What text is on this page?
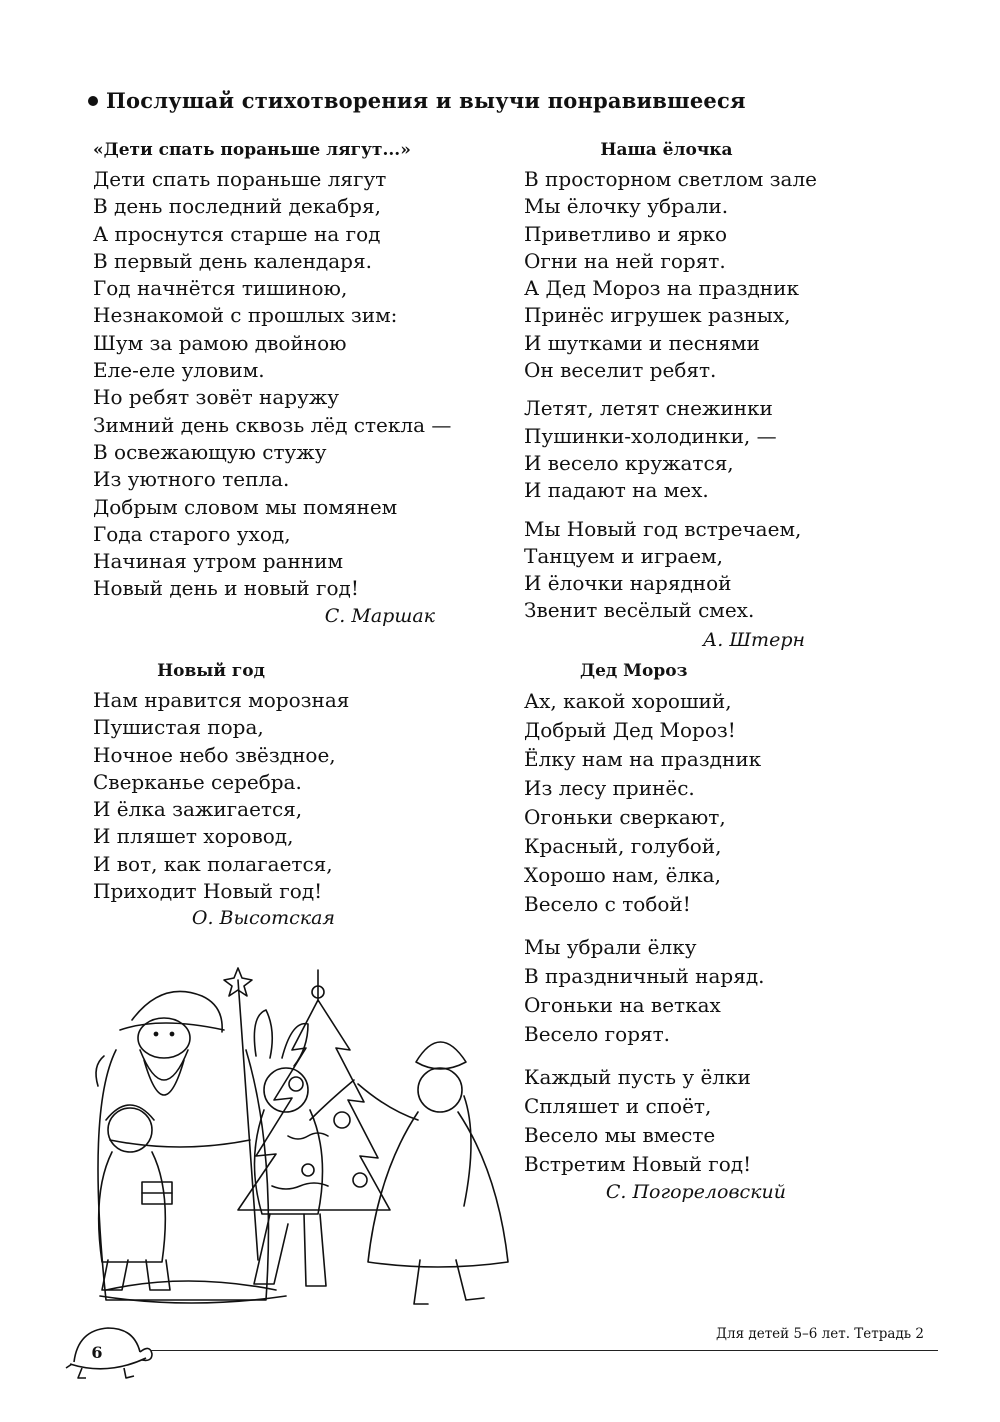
Послушай стихотворения и выучи понравившееся
«Дети спать пораньше лягут...»
Дети спать пораньше лягут
В день последний декабря,
А проснутся старше на год
В первый день календаря.
Год начнётся тишиною,
Незнакомой с прошлых зим:
Шум за рамою двойною
Еле-еле уловим.
Но ребят зовёт наружу
Зимний день сквозь лёд стекла —
В освежающую стужу
Из уютного тепла.
Добрым словом мы помянем
Года старого уход,
Начиная утром ранним
Новый день и новый год!
С. Маршак
Наша ёлочка
В просторном светлом зале
Мы ёлочку убрали.
Приветливо и ярко
Огни на ней горят.
А Дед Мороз на праздник
Принёс игрушек разных,
И шутками и песнями
Он веселит ребят.
Летят, летят снежинки
Пушинки-холодинки, —
И весело кружатся,
И падают на мех.
Мы Новый год встречаем,
Танцуем и играем,
И ёлочки нарядной
Звенит весёлый смех.
А. Штерн
Новый год
Нам нравится морозная
Пушистая пора,
Ночное небо звёздное,
Сверканье серебра.
И ёлка зажигается,
И пляшет хоровод,
И вот, как полагается,
Приходит Новый год!
О. Высотская
Дед Мороз
Ах, какой хороший,
Добрый Дед Мороз!
Ёлку нам на праздник
Из лесу принёс.
Огоньки сверкают,
Красный, голубой,
Хорошо нам, ёлка,
Весело с тобой!
Мы убрали ёлку
В праздничный наряд.
Огоньки на ветках
Весело горят.
Каждый пусть у ёлки
Спляшет и споёт,
Весело мы вместе
Встретим Новый год!
С. Погореловский
6
Для детей 5–6 лет. Тетрадь 2
